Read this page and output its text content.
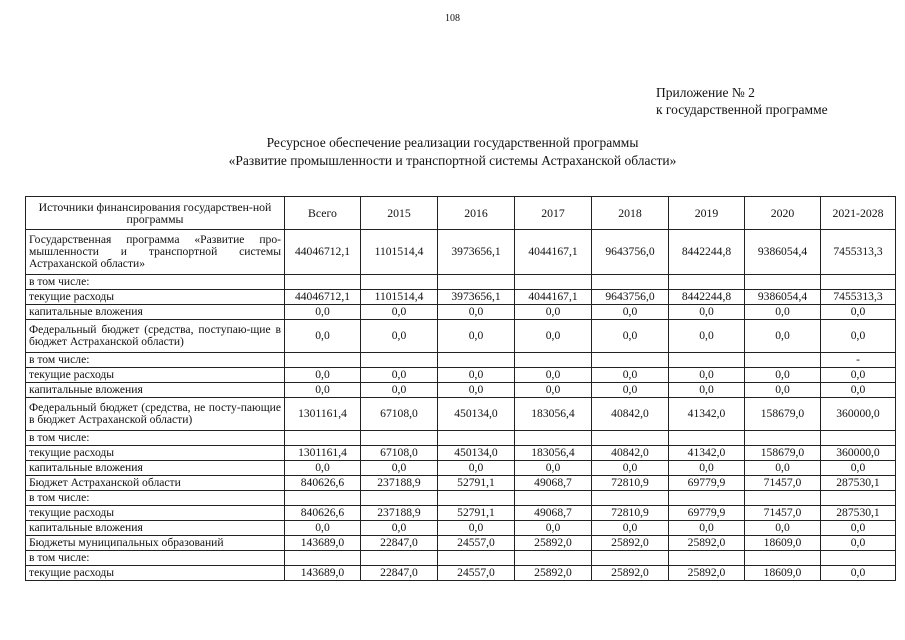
108
Приложение № 2
к государственной программе
Ресурсное обеспечение реализации государственной программы
«Развитие промышленности и транспортной системы Астраханской области»
Источники финансирования государствен-ной программы	Всего	2015	2016	2017	2018	2019	2020	2021-2028
Государственная программа «Развитие про-мышленности и транспортной системы Астраханской области»	44046712,1	1101514,4	3973656,1	4044167,1	9643756,0	8442244,8	9386054,4	7455313,3
в том числе:								
текущие расходы	44046712,1	1101514,4	3973656,1	4044167,1	9643756,0	8442244,8	9386054,4	7455313,3
капитальные вложения	0,0	0,0	0,0	0,0	0,0	0,0	0,0	0,0
Федеральный бюджет (средства, поступаю-щие в бюджет Астраханской области)	0,0	0,0	0,0	0,0	0,0	0,0	0,0	0,0
в том числе:								-
текущие расходы	0,0	0,0	0,0	0,0	0,0	0,0	0,0	0,0
капитальные вложения	0,0	0,0	0,0	0,0	0,0	0,0	0,0	0,0
Федеральный бюджет (средства, не посту-пающие в бюджет Астраханской области)	1301161,4	67108,0	450134,0	183056,4	40842,0	41342,0	158679,0	360000,0
в том числе:								
текущие расходы	1301161,4	67108,0	450134,0	183056,4	40842,0	41342,0	158679,0	360000,0
капитальные вложения	0,0	0,0	0,0	0,0	0,0	0,0	0,0	0,0
Бюджет Астраханской области	840626,6	237188,9	52791,1	49068,7	72810,9	69779,9	71457,0	287530,1
в том числе:								
текущие расходы	840626,6	237188,9	52791,1	49068,7	72810,9	69779,9	71457,0	287530,1
капитальные вложения	0,0	0,0	0,0	0,0	0,0	0,0	0,0	0,0
Бюджеты муниципальных образований	143689,0	22847,0	24557,0	25892,0	25892,0	25892,0	18609,0	0,0
в том числе:								
текущие расходы	143689,0	22847,0	24557,0	25892,0	25892,0	25892,0	18609,0	0,0
